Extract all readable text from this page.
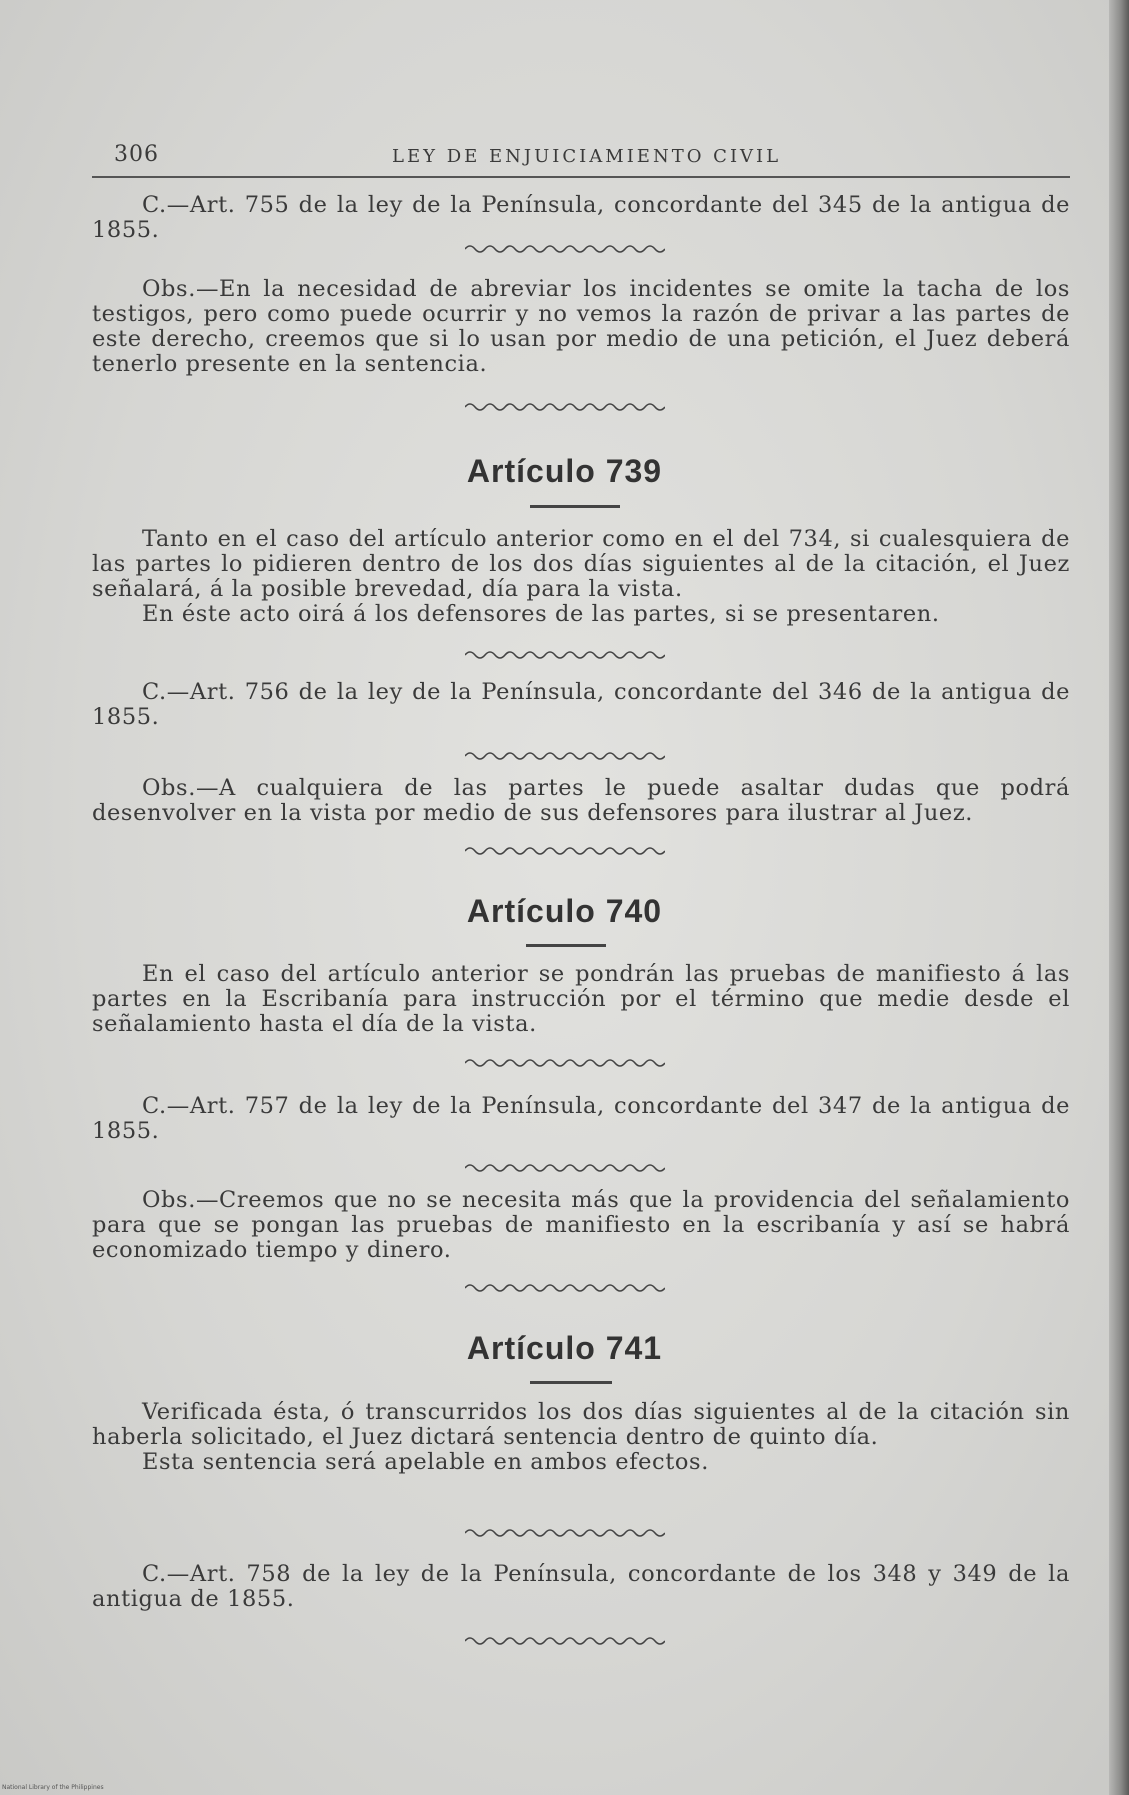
306	LEY DE ENJUICIAMIENTO CIVIL

C.—Art. 755 de la ley de la Península, concordante del 345 de la antigua de 1855.

Obs.—En la necesidad de abreviar los incidentes se omite la tacha de los testigos, pero como puede ocurrir y no vemos la razón de privar a las partes de este derecho, creemos que si lo usan por medio de una petición, el Juez deberá tenerlo presente en la sentencia.

Artículo 739

Tanto en el caso del artículo anterior como en el del 734, si cualesquiera de las partes lo pidieren dentro de los dos días siguientes al de la citación, el Juez señalará, á la posible brevedad, día para la vista.

En éste acto oirá á los defensores de las partes, si se presentaren.

C.—Art. 756 de la ley de la Península, concordante del 346 de la antigua de 1855.

Obs.—A cualquiera de las partes le puede asaltar dudas que podrá desenvolver en la vista por medio de sus defensores para ilustrar al Juez.

Artículo 740

En el caso del artículo anterior se pondrán las pruebas de manifiesto á las partes en la Escribanía para instrucción por el término que medie desde el señalamiento hasta el día de la vista.

C.—Art. 757 de la ley de la Península, concordante del 347 de la antigua de 1855.

Obs.—Creemos que no se necesita más que la providencia del señalamiento para que se pongan las pruebas de manifiesto en la escribanía y así se habrá economizado tiempo y dinero.

Artículo 741

Verificada ésta, ó transcurridos los dos días siguientes al de la citación sin haberla solicitado, el Juez dictará sentencia dentro de quinto día.

Esta sentencia será apelable en ambos efectos.

C.—Art. 758 de la ley de la Península, concordante de los 348 y 349 de la antigua de 1855.

National Library of the Philippines
